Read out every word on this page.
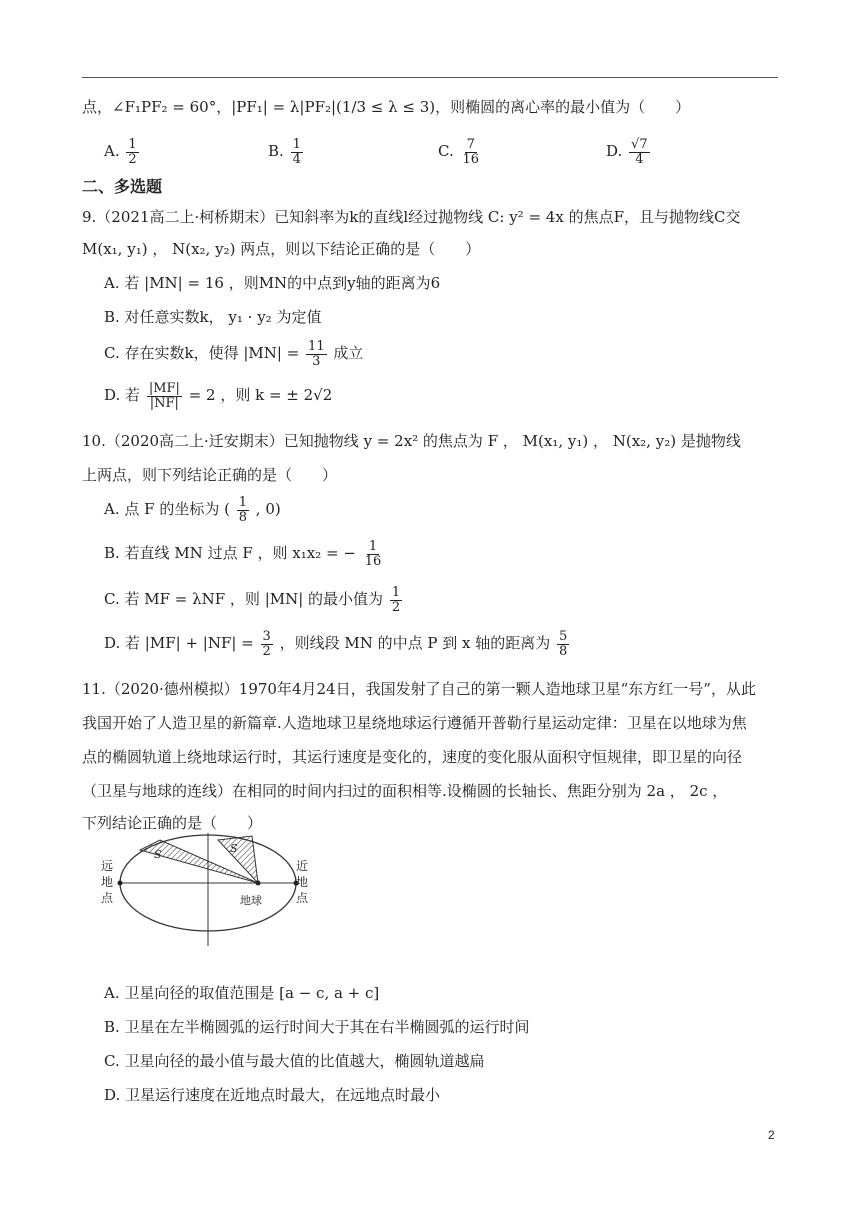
点，∠F₁PF₂ = 60°，|PF₁| = λ|PF₂|(1/3 ≤ λ ≤ 3)，则椭圆的离心率的最小值为（　　）
A. $\frac{1}{2}$	B. $\frac{1}{4}$	C. $\frac{7}{16}$	D. $\frac{√7}{4}$
二、多选题
9.（2021高二上·柯桥期末）已知斜率为k的直线l经过抛物线 C: y² = 4x 的焦点F，且与抛物线C交
M(x₁, y₁) ， N(x₂, y₂) 两点，则以下结论正确的是（　　）
A. 若 |MN| = 16 ，则MN的中点到y轴的距离为6
B. 对任意实数k， y₁ · y₂ 为定值
C. 存在实数k，使得 $|MN| = \frac{11}{3}$ 成立
D. 若 $\frac{|MF|}{|NF|} = 2$ ，则 k = ± 2√2
10.（2020高二上·迁安期末）已知抛物线 y = 2x² 的焦点为 F ， M(x₁, y₁) ， N(x₂, y₂) 是抛物线
上两点，则下列结论正确的是（　　）
A. 点 F 的坐标为 ( $\frac{1}{8}$ , 0)
B. 若直线 MN 过点 F ，则 x₁x₂ = − $\frac{1}{16}$
C. 若 MF = λNF ，则 |MN| 的最小值为 $\frac{1}{2}$
D. 若 $|MF| + |NF| = \frac{3}{2}$ ，则线段 MN 的中点 P 到 x 轴的距离为 $\frac{5}{8}$
11.（2020·德州模拟）1970年4月24日，我国发射了自己的第一颗人造地球卫星“东方红一号”，从此
我国开始了人造卫星的新篇章.人造地球卫星绕地球运行遵循开普勒行星运动定律：卫星在以地球为焦
点的椭圆轨道上绕地球运行时，其运行速度是变化的，速度的变化服从面积守恒规律，即卫星的向径
（卫星与地球的连线）在相同的时间内扫过的面积相等.设椭圆的长轴长、焦距分别为 2a ， 2c ，
下列结论正确的是（　　）
S	S
地球
远地点
近地点
A. 卫星向径的取值范围是 [a − c, a + c]
B. 卫星在左半椭圆弧的运行时间大于其在右半椭圆弧的运行时间
C. 卫星向径的最小值与最大值的比值越大，椭圆轨道越扁
D. 卫星运行速度在近地点时最大，在远地点时最小
2
